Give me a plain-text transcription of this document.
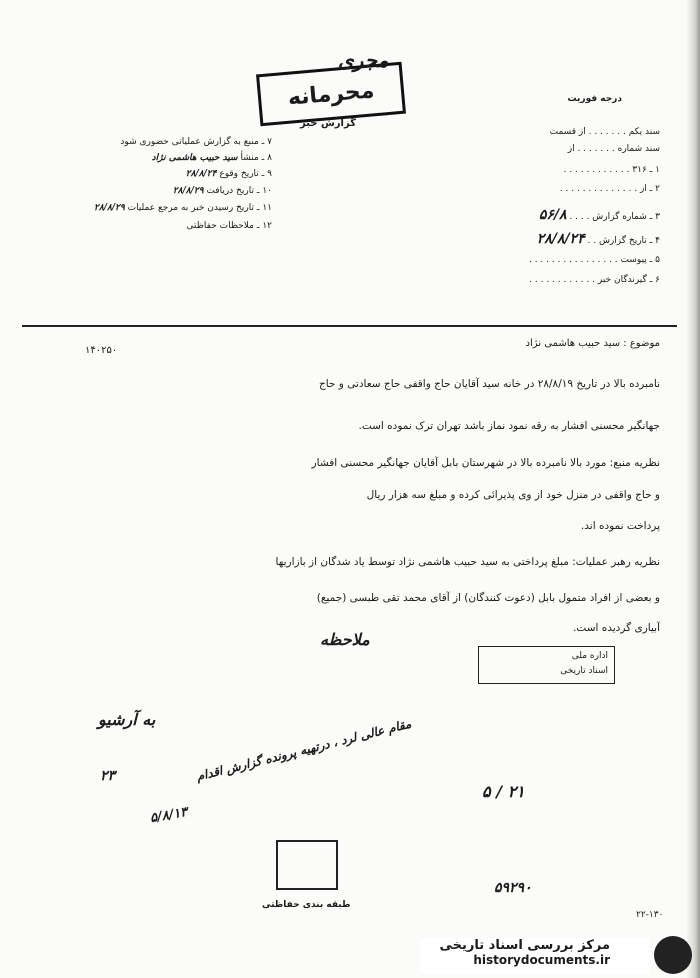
محرمانه
گزارش خبر
مجری
درجه فوریت
۷ ـ منبع به گزارش عملیاتی حضوری ‌شود
۸ ـ منشأ سید حبیب هاشمی نژاد
۹ ـ تاریخ وقوع ۲۸/۸/۲۴
۱۰ ـ تاریخ دریافت ۲۸/۸/۲۹
۱۱ ـ تاریخ رسیدن خبر به مرجع عملیات ۲۸/۸/۲۹
۱۲ ـ ملاحظات حفاظتی
سند یکم . . . . . . . از قسمت
سند شماره . . . . . . . از
۱ ـ ۳۱۶ . . . . . . . . . . . .
۲ ـ از . . . . . . . . . . . . . .
۳ ـ شماره گزارش . . . . ۵۶/۸
۴ ـ تاریخ گزارش . . ۲۸/۸/۲۴
۵ ـ پیوست . . . . . . . . . . . . . . . .
۶ ـ گیرندگان خبر . . . . . . . . . . . .
موضوع : سید حبیب هاشمی نژاد
۱۴۰۲۵۰
نامبرده بالا در تاریخ ۲۸/۸/۱۹ در خانه سید آقایان حاج واقفی حاج سعادتی و حاج
جهانگیر محسنی افشار به رقه نمود نماز باشد تهران ترک نموده است.
نظریه منبع: مورد بالا نامبرده بالا در شهرستان بابل آقایان جهانگیر محسنی افشار
و حاج واقفی در منزل خود از وی پذیرائی کرده و مبلغ سه هزار ریال
پرداخت نموده اند.
نظریه رهبر عملیات: مبلغ پرداختی به سید حبیب هاشمی نژاد توسط یاد شدگان از بازاریها
و بعضی از افراد متمول بابل (دعوت کنندگان) از آقای محمد تقی طبسی (جمیع)
آبیاری گردیده است.
ملاحظه
اداره ملی
اسناد تاریخی
به آرشیو
۲۳	مقام عالی لرد ، درتهیه پرونده گزارش اقدام
۵/۸/۱۳
۵ / ۲۱
طبقه بندی حفاظتی
۵۹۲۹۰
۲۲-۱۳۰
مرکز بررسی اسناد تاریخی
historydocuments.ir
